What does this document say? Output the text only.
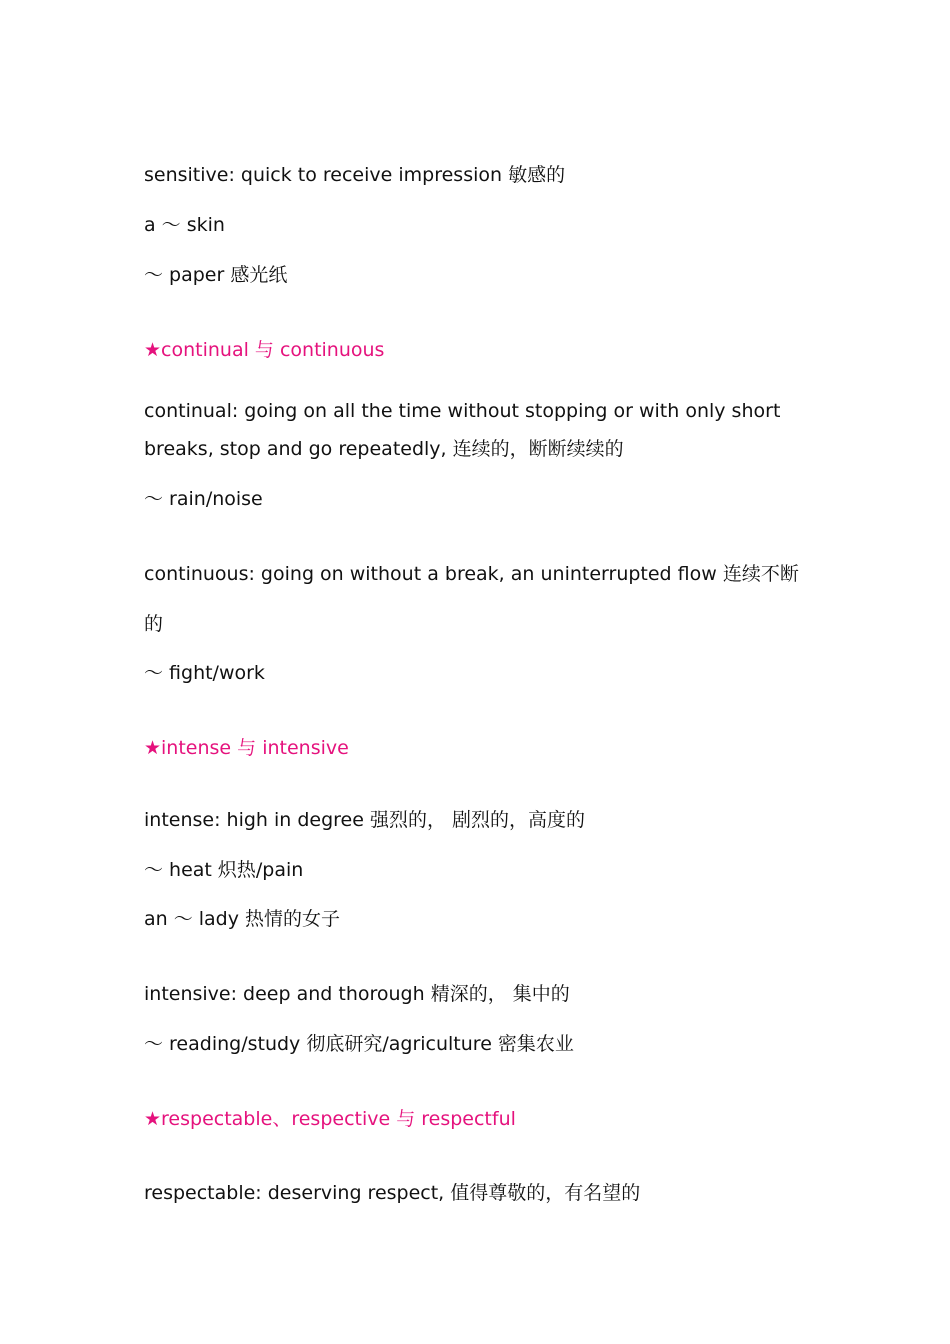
sensitive: quick to receive impression 敏感的
a ～ skin
～ paper 感光纸
★continual 与 continuous
continual: going on all the time without stopping or with only short
breaks, stop and go repeatedly, 连续的，断断续续的
～ rain/noise
continuous: going on without a break, an uninterrupted flow 连续不断
的
～ fight/work
★intense 与 intensive
intense: high in degree 强烈的， 剧烈的，高度的
～ heat 炽热/pain
an ～ lady 热情的女子
intensive: deep and thorough 精深的， 集中的
～ reading/study 彻底研究/agriculture 密集农业
★respectable、respective 与 respectful
respectable: deserving respect, 值得尊敬的，有名望的
